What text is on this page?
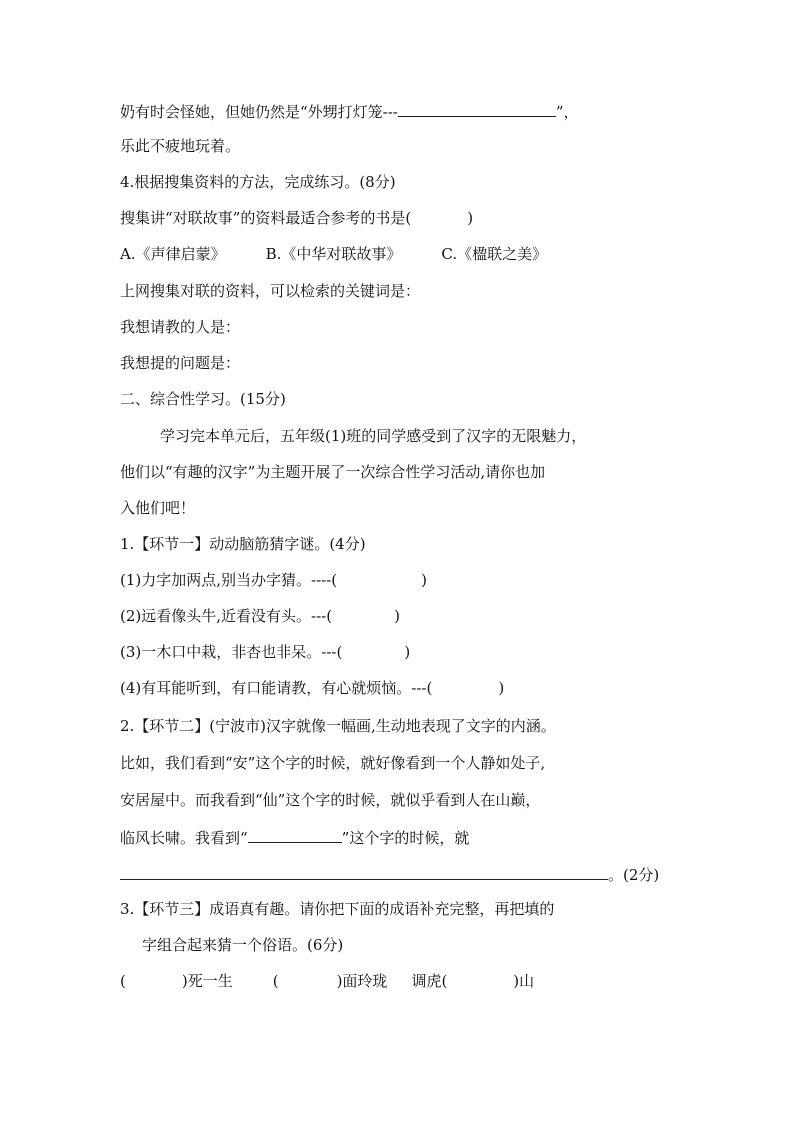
奶有时会怪她，但她仍然是“外甥打灯笼---	”，
乐此不疲地玩着。
4.根据搜集资料的方法，完成练习。(8分)
搜集讲“对联故事”的资料最适合参考的书是(	)
A.《声律启蒙》	B.《中华对联故事》	C.《楹联之美》
上网搜集对联的资料，可以检索的关键词是：
我想请教的人是：
我想提的问题是：
二、综合性学习。(15分)
学习完本单元后，五年级(1)班的同学感受到了汉字的无限魅力，
他们以“有趣的汉字”为主题开展了一次综合性学习活动,请你也加
入他们吧！
1.【环节一】动动脑筋猜字谜。(4分)
(1)力字加两点,别当办字猜。----(	)
(2)远看像头牛,近看没有头。---(	)
(3)一木口中栽，非杏也非呆。---(	)
(4)有耳能听到，有口能请教，有心就烦恼。---(	)
2.【环节二】(宁波市)汉字就像一幅画,生动地表现了文字的内涵。
比如，我们看到“安”这个字的时候，就好像看到一个人静如处子,
安居屋中。而我看到“仙”这个字的时候，就似乎看到人在山巅，
临风长啸。我看到“	”这个字的时候，就
。(2分)
3.【环节三】成语真有趣。请你把下面的成语补充完整，再把填的
字组合起来猜一个俗语。(6分)
(	)死一生	(	)面玲珑 调虎(	)山
